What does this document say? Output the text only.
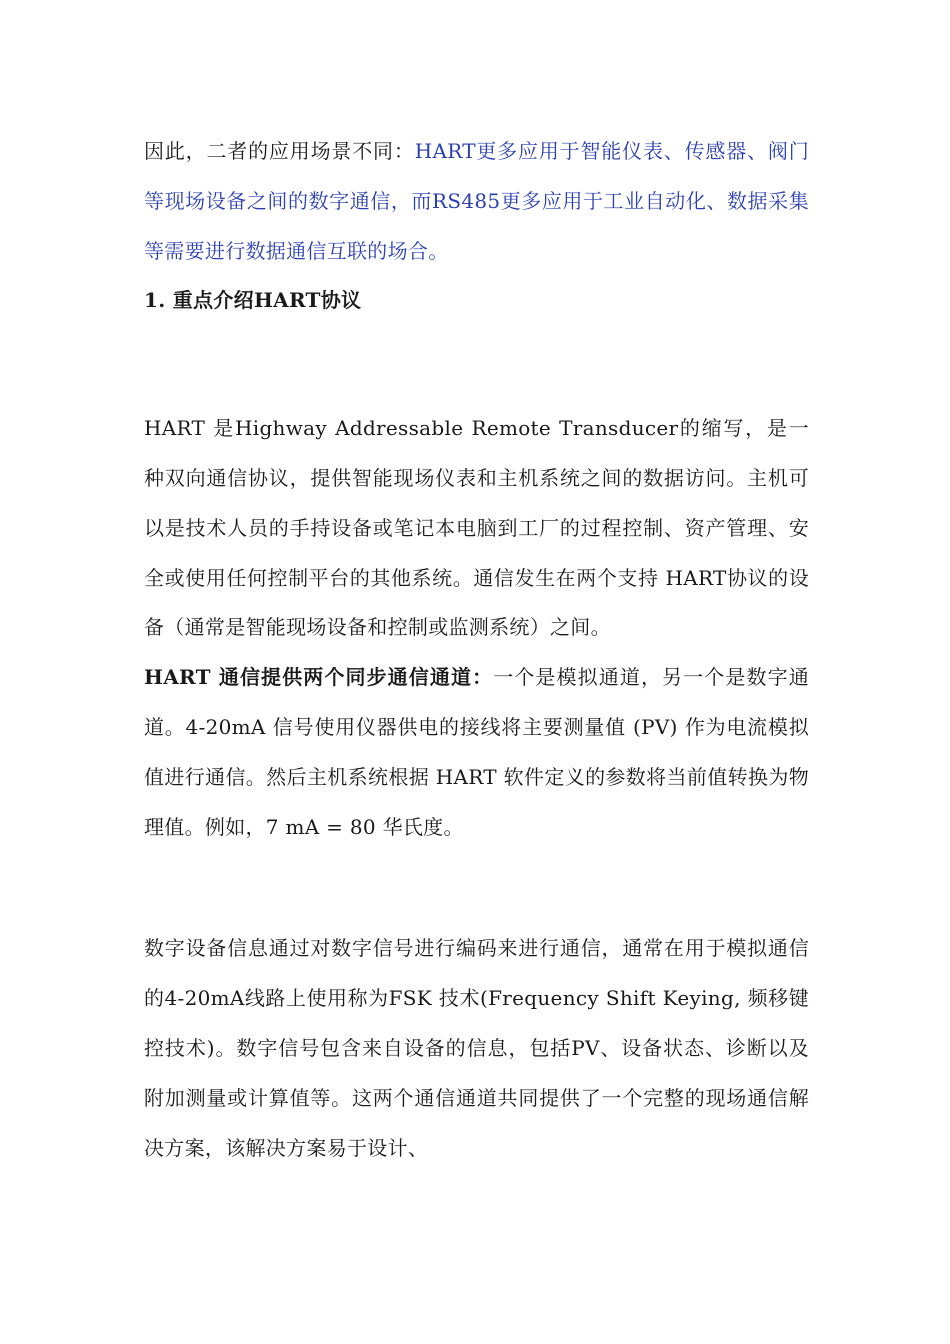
因此，二者的应用场景不同：HART更多应用于智能仪表、传感器、阀门等现场设备之间的数字通信，而RS485更多应用于工业自动化、数据采集等需要进行数据通信互联的场合。

1. 重点介绍HART协议

HART 是Highway Addressable Remote Transducer的缩写，是一种双向通信协议，提供智能现场仪表和主机系统之间的数据访问。主机可以是技术人员的手持设备或笔记本电脑到工厂的过程控制、资产管理、安全或使用任何控制平台的其他系统。通信发生在两个支持 HART协议的设备（通常是智能现场设备和控制或监测系统）之间。

HART 通信提供两个同步通信通道：一个是模拟通道，另一个是数字通道。4-20mA 信号使用仪器供电的接线将主要测量值 (PV) 作为电流模拟值进行通信。然后主机系统根据 HART 软件定义的参数将当前值转换为物理值。例如，7 mA = 80 华氏度。

数字设备信息通过对数字信号进行编码来进行通信，通常在用于模拟通信的4-20mA线路上使用称为FSK 技术(Frequency Shift Keying, 频移键控技术)。数字信号包含来自设备的信息，包括PV、设备状态、诊断以及附加测量或计算值等。这两个通信通道共同提供了一个完整的现场通信解决方案，该解决方案易于设计、
